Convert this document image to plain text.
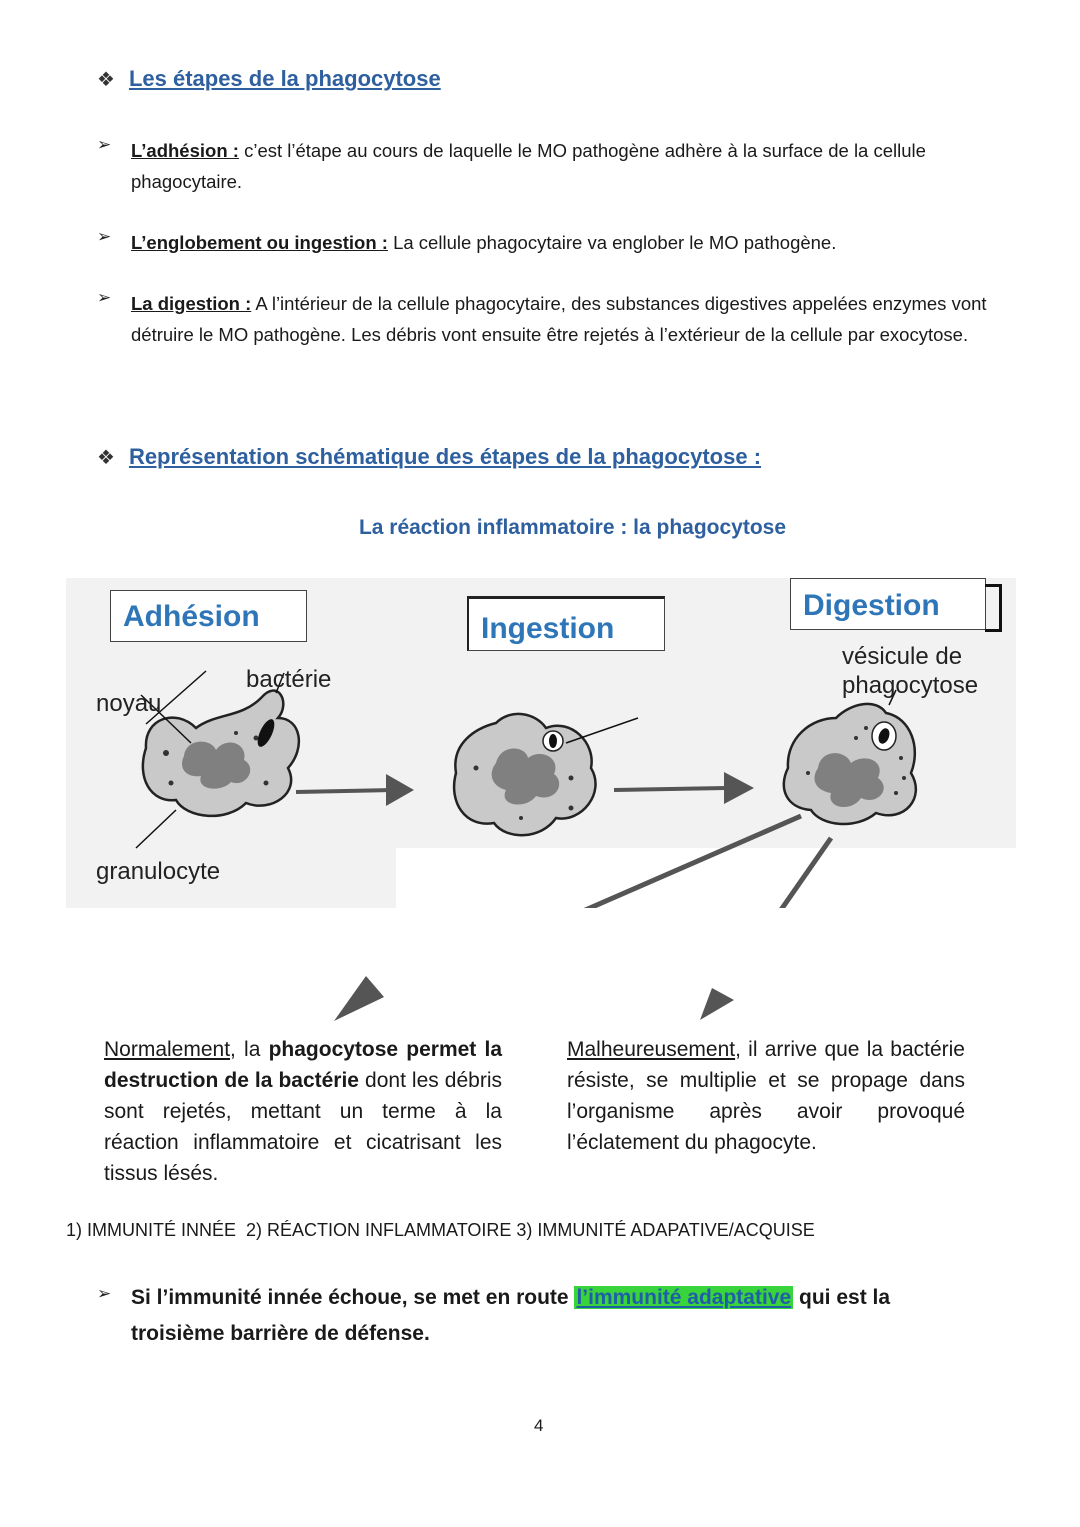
❖ Les étapes de la phagocytose
➢ L’adhésion : c’est l’étape au cours de laquelle le MO pathogène adhère à la surface de la cellule phagocytaire.
➢ L’englobement ou ingestion : La cellule phagocytaire va englober le MO pathogène.
➢ La digestion : A l’intérieur de la cellule phagocytaire, des substances digestives appelées enzymes vont détruire le MO pathogène. Les débris vont ensuite être rejetés à l’extérieur de la cellule par exocytose.
❖ Représentation schématique des étapes de la phagocytose :
La réaction inflammatoire : la phagocytose
Adhésion	Ingestion
Digestion
bactérie
noyau
granulocyte
vésicule de phagocytose
Normalement, la phagocytose permet la destruction de la bactérie dont les débris sont rejetés, mettant un terme à la réaction inflammatoire et cicatrisant les tissus lésés.
Malheureusement, il arrive que la bactérie résiste, se multiplie et se propage dans l’organisme après avoir provoqué l’éclatement du phagocyte.
1) IMMUNITÉ INNÉE  2) RÉACTION INFLAMMATOIRE 3) IMMUNITÉ ADAPATIVE/ACQUISE
➢ Si l’immunité innée échoue, se met en route l’immunité adaptative qui est la troisième barrière de défense.
4
